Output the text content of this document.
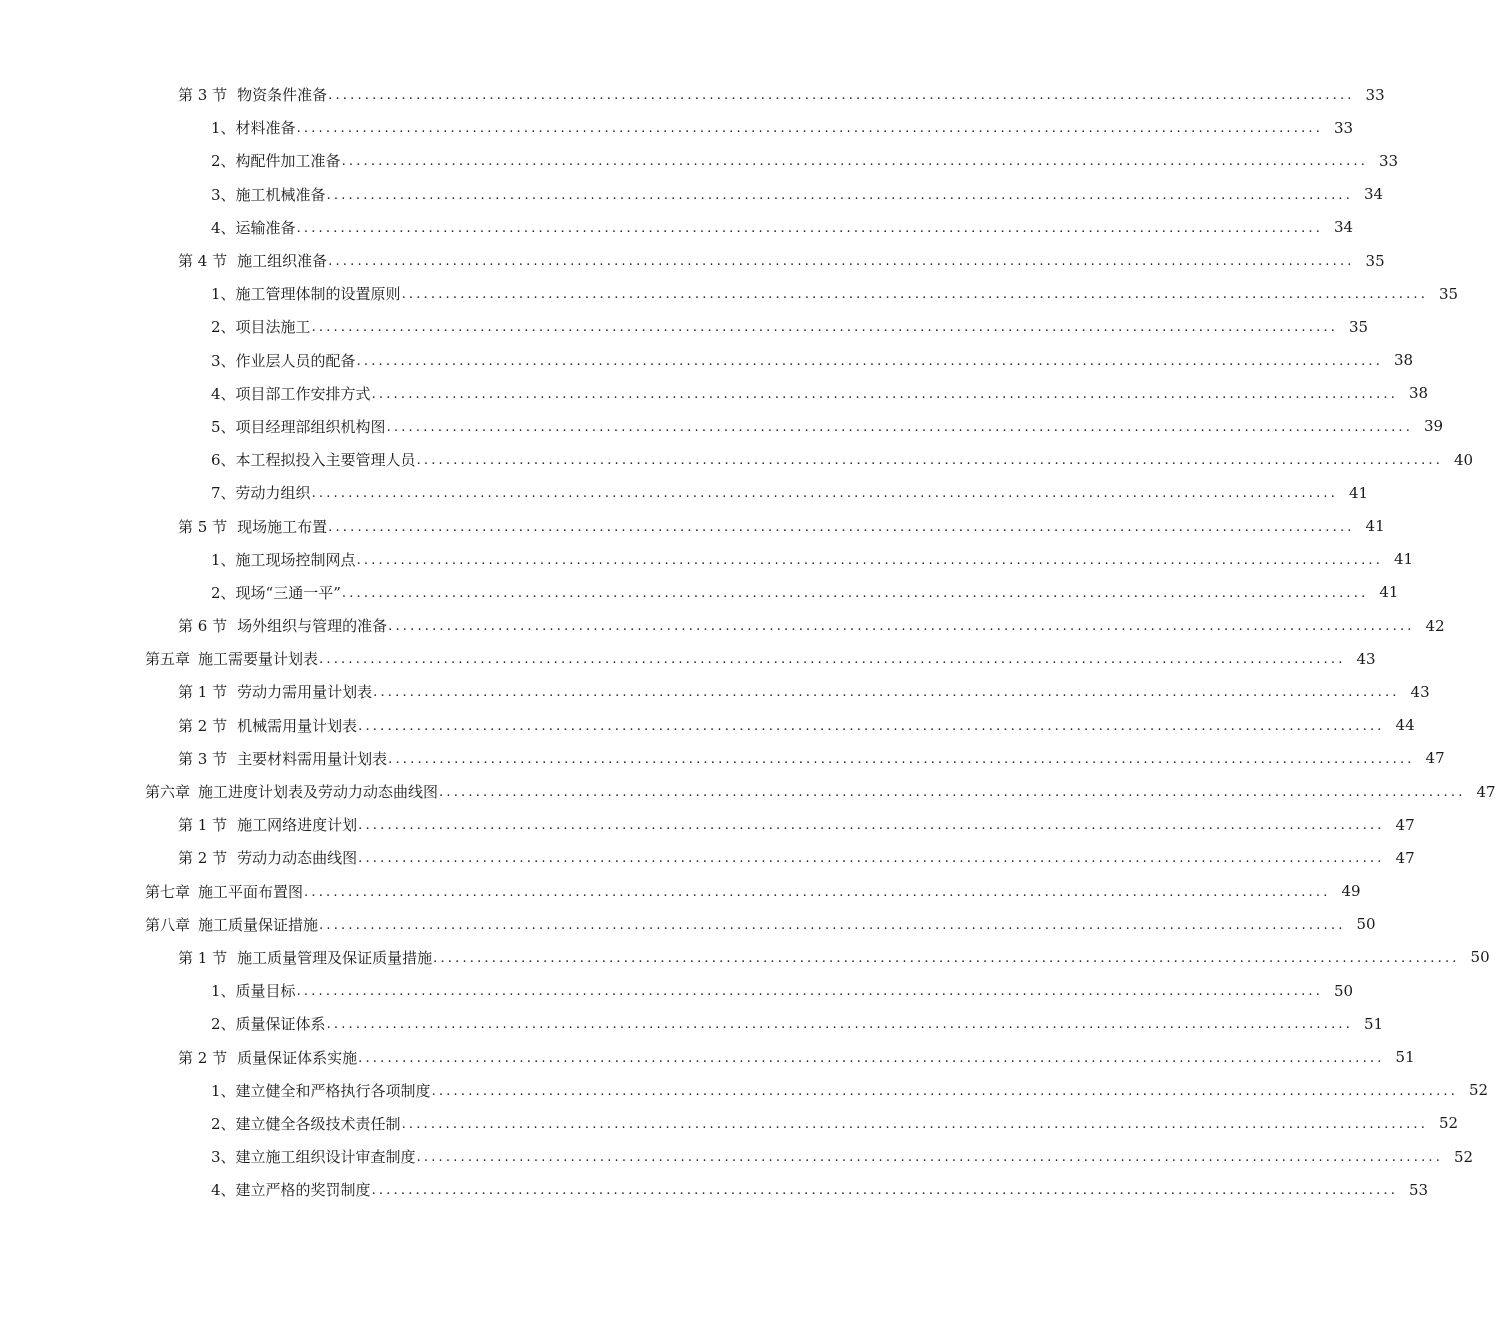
第 3 节 物资条件准备 ............................................................................................................................................ 33
1、 材料准备 ............................................................................................................................................ 33
2、 构配件加工准备 ............................................................................................................................................ 33
3、 施工机械准备 ............................................................................................................................................ 34
4、 运输准备 ............................................................................................................................................ 34
第 4 节 施工组织准备 ............................................................................................................................................ 35
1、 施工管理体制的设置原则 ............................................................................................................................................ 35
2、 项目法施工 ............................................................................................................................................ 35
3、 作业层人员的配备 ............................................................................................................................................ 38
4、 项目部工作安排方式 ............................................................................................................................................ 38
5、 项目经理部组织机构图 ............................................................................................................................................ 39
6、 本工程拟投入主要管理人员 ............................................................................................................................................ 40
7、 劳动力组织 ............................................................................................................................................ 41
第 5 节 现场施工布置 ............................................................................................................................................ 41
1、 施工现场控制网点 ............................................................................................................................................ 41
2、 现场“三通一平” ............................................................................................................................................ 41
第 6 节 场外组织与管理的准备 ............................................................................................................................................ 42
第五章 施工需要量计划表 ............................................................................................................................................ 43
第 1 节 劳动力需用量计划表 ............................................................................................................................................ 43
第 2 节 机械需用量计划表 ............................................................................................................................................ 44
第 3 节 主要材料需用量计划表 ............................................................................................................................................ 47
第六章 施工进度计划表及劳动力动态曲线图 ............................................................................................................................................ 47
第 1 节 施工网络进度计划 ............................................................................................................................................ 47
第 2 节 劳动力动态曲线图 ............................................................................................................................................ 47
第七章 施工平面布置图 ............................................................................................................................................ 49
第八章 施工质量保证措施 ............................................................................................................................................ 50
第 1 节 施工质量管理及保证质量措施 ............................................................................................................................................ 50
1、 质量目标 ............................................................................................................................................ 50
2、 质量保证体系 ............................................................................................................................................ 51
第 2 节 质量保证体系实施 ............................................................................................................................................ 51
1、 建立健全和严格执行各项制度 ............................................................................................................................................ 52
2、 建立健全各级技术责任制 ............................................................................................................................................ 52
3、 建立施工组织设计审查制度 ............................................................................................................................................ 52
4、 建立严格的奖罚制度 ............................................................................................................................................ 53
